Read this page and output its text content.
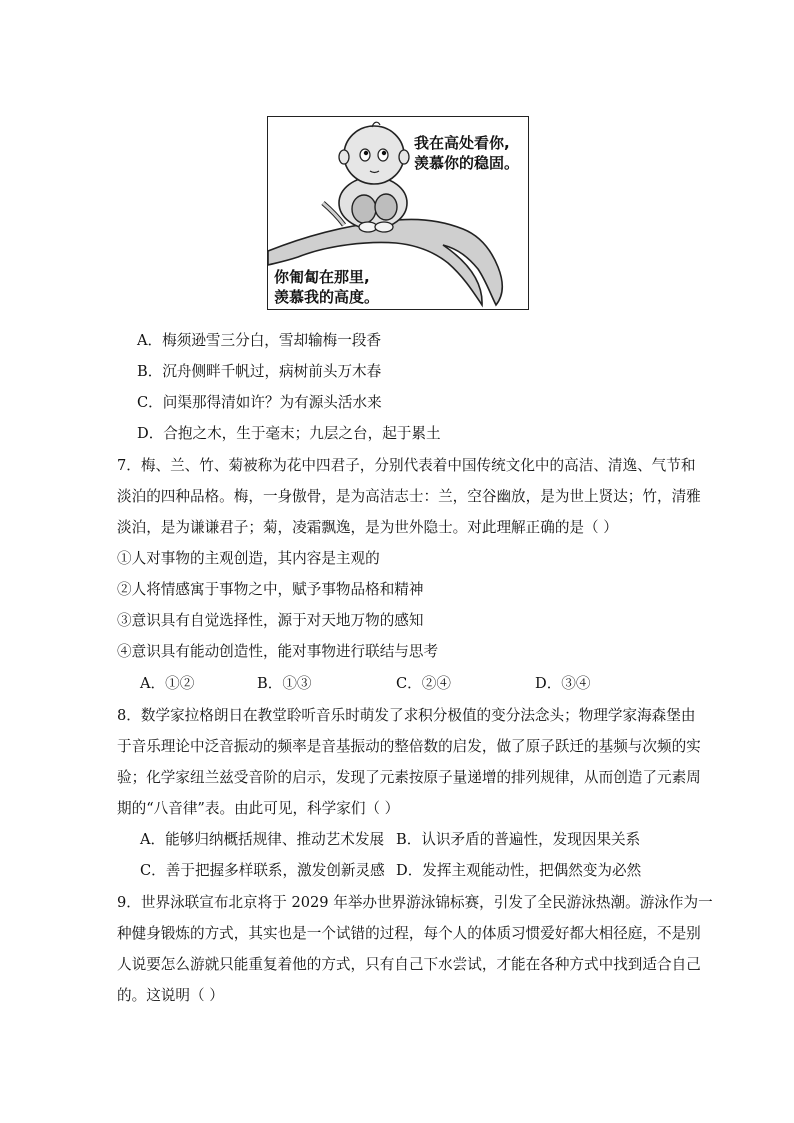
我在高处看你,
羡慕你的稳固。
你匍匐在那里,
羡慕我的高度。
A．梅须逊雪三分白，雪却输梅一段香
B．沉舟侧畔千帆过，病树前头万木春
C．问渠那得清如许？为有源头活水来
D．合抱之木，生于毫末；九层之台，起于累土
7．梅、兰、竹、菊被称为花中四君子，分别代表着中国传统文化中的高洁、清逸、气节和
淡泊的四种品格。梅，一身傲骨，是为高洁志士：兰，空谷幽放，是为世上贤达；竹，清雅
淡泊，是为谦谦君子；菊，凌霜飘逸，是为世外隐士。对此理解正确的是（ ）
①人对事物的主观创造，其内容是主观的
②人将情感寓于事物之中，赋予事物品格和精神
③意识具有自觉选择性，源于对天地万物的感知
④意识具有能动创造性，能对事物进行联结与思考
A．①②	B．①③	C．②④	D．③④
8．数学家拉格朗日在教堂聆听音乐时萌发了求积分极值的变分法念头；物理学家海森堡由
于音乐理论中泛音振动的频率是音基振动的整倍数的启发，做了原子跃迁的基频与次频的实
验；化学家纽兰兹受音阶的启示，发现了元素按原子量递增的排列规律，从而创造了元素周
期的“八音律”表。由此可见，科学家们（ ）
A．能够归纳概括规律、推动艺术发展 B．认识矛盾的普遍性，发现因果关系
C．善于把握多样联系，激发创新灵感 D．发挥主观能动性，把偶然变为必然
9．世界泳联宣布北京将于 2029 年举办世界游泳锦标赛，引发了全民游泳热潮。游泳作为一
种健身锻炼的方式，其实也是一个试错的过程，每个人的体质习惯爱好都大相径庭，不是别
人说要怎么游就只能重复着他的方式，只有自己下水尝试，才能在各种方式中找到适合自己
的。这说明（ ）
